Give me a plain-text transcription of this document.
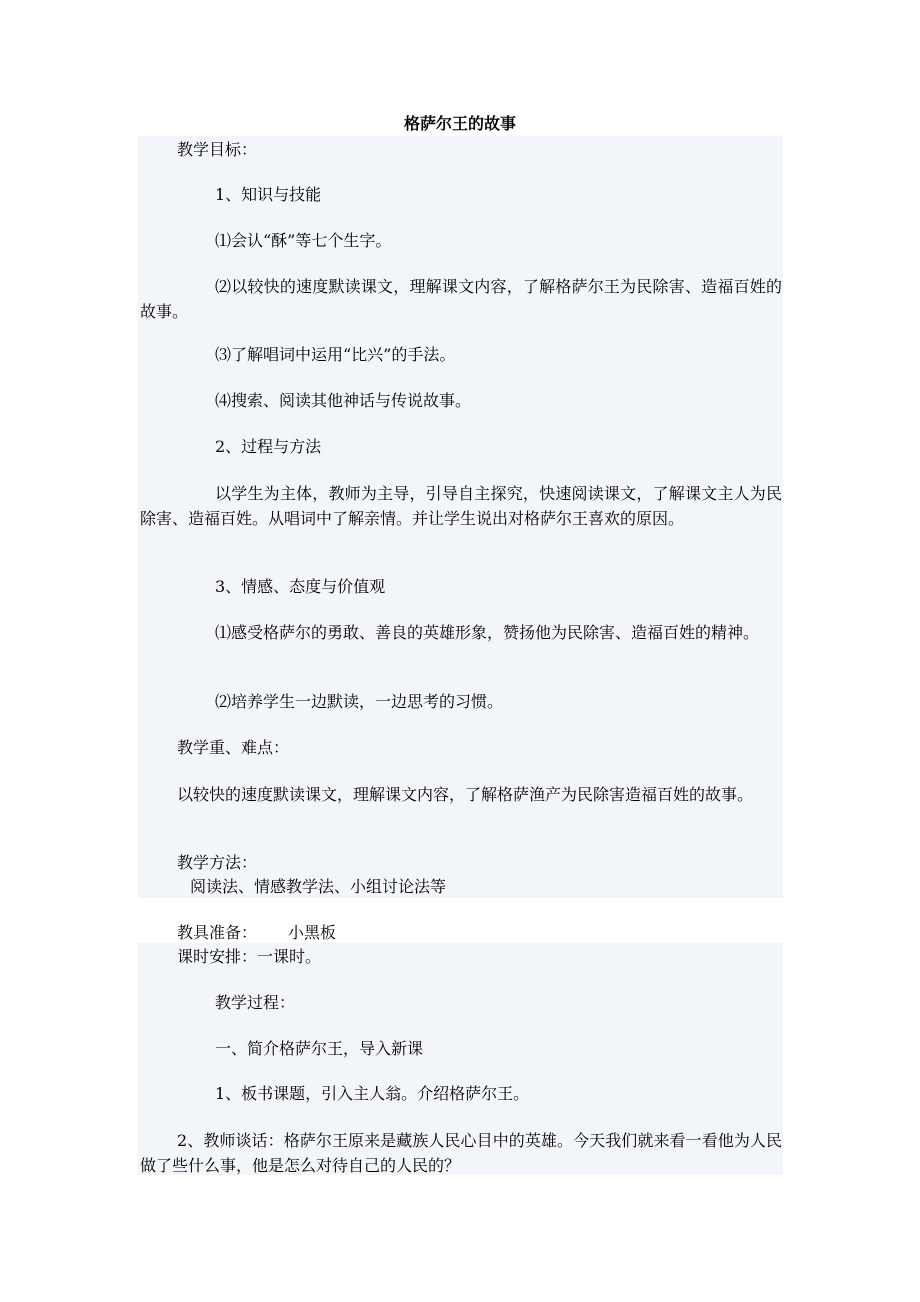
格萨尔王的故事
教学目标：
1、知识与技能
⑴会认“酥”等七个生字。
⑵以较快的速度默读课文，理解课文内容，了解格萨尔王为民除害、造福百姓的故事。
⑶了解唱词中运用“比兴”的手法。
⑷搜索、阅读其他神话与传说故事。
2、过程与方法
以学生为主体，教师为主导，引导自主探究，快速阅读课文，了解课文主人为民除害、造福百姓。从唱词中了解亲情。并让学生说出对格萨尔王喜欢的原因。
3、情感、态度与价值观
⑴感受格萨尔的勇敢、善良的英雄形象，赞扬他为民除害、造福百姓的精神。
⑵培养学生一边默读，一边思考的习惯。
教学重、难点：
以较快的速度默读课文，理解课文内容，了解格萨渔产为民除害造福百姓的故事。
教学方法：
阅读法、情感教学法、小组讨论法等
教具准备： 小黑板
课时安排：一课时。
教学过程：
一、简介格萨尔王，导入新课
1、板书课题，引入主人翁。介绍格萨尔王。
2、教师谈话：格萨尔王原来是藏族人民心目中的英雄。今天我们就来看一看他为人民做了些什么事，他是怎么对待自己的人民的？
